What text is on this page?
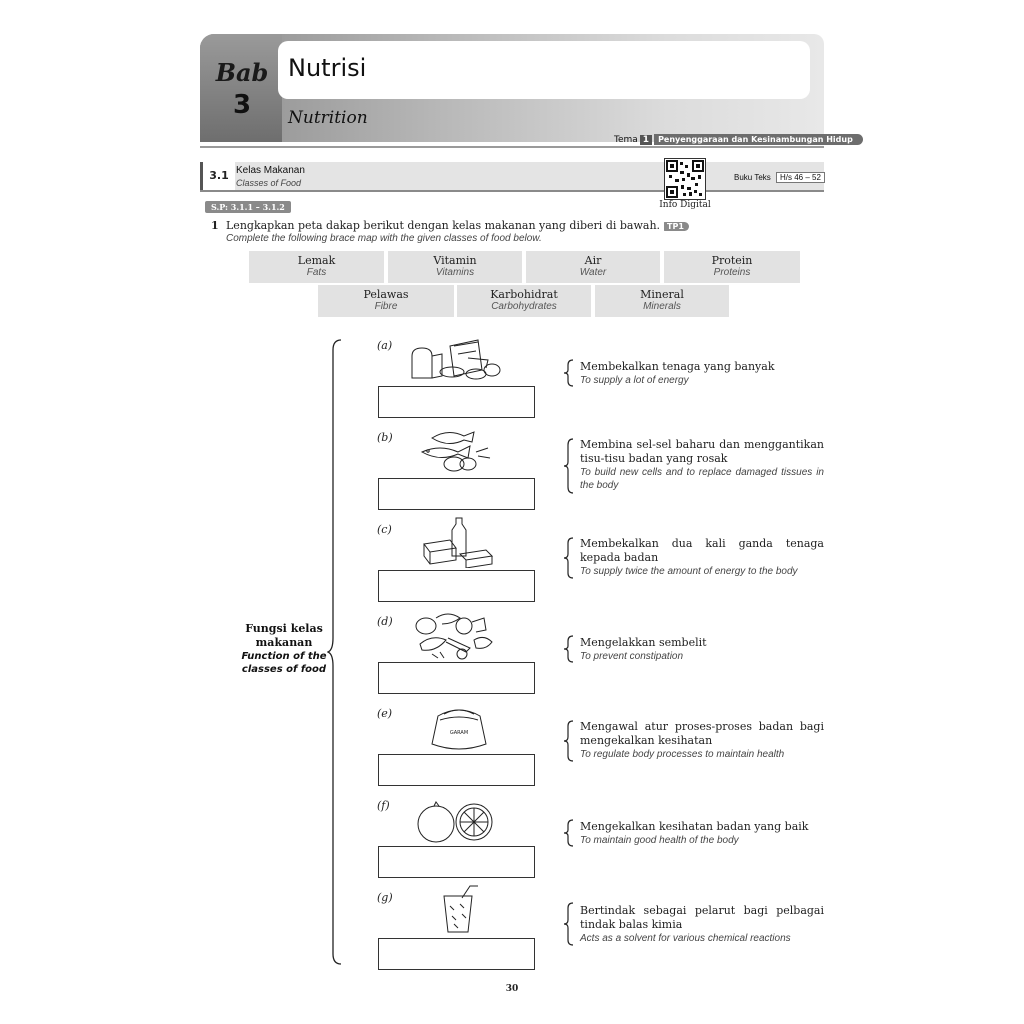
Bab
3
Nutrisi
Nutrition
Tema 1	Penyenggaraan dan Kesinambungan Hidup
3.1 Kelas Makanan
Classes of Food
Info Digital
Buku Teks H/s 46 – 52
S.P: 3.1.1 – 3.1.2
1 Lengkapkan peta dakap berikut dengan kelas makanan yang diberi di bawah. TP1
Complete the following brace map with the given classes of food below.
Lemak
Fats
Vitamin
Vitamins
Air
Water
Protein
Proteins
Pelawas
Fibre
Karbohidrat
Carbohydrates
Mineral
Minerals
Fungsi kelas makanan
Function of the classes of food
(a)
Membekalkan tenaga yang banyak
To supply a lot of energy
(b)
Membina sel-sel baharu dan menggantikan tisu-tisu badan yang rosak
To build new cells and to replace damaged tissues in the body
(c)
Membekalkan dua kali ganda tenaga kepada badan
To supply twice the amount of energy to the body
(d)
Mengelakkan sembelit
To prevent constipation
(e)
GARAM	Mengawal atur proses-proses badan bagi mengekalkan kesihatan
To regulate body processes to maintain health
(f)
Mengekalkan kesihatan badan yang baik
To maintain good health of the body
(g)
Bertindak sebagai pelarut bagi pelbagai tindak balas kimia
Acts as a solvent for various chemical reactions
30
